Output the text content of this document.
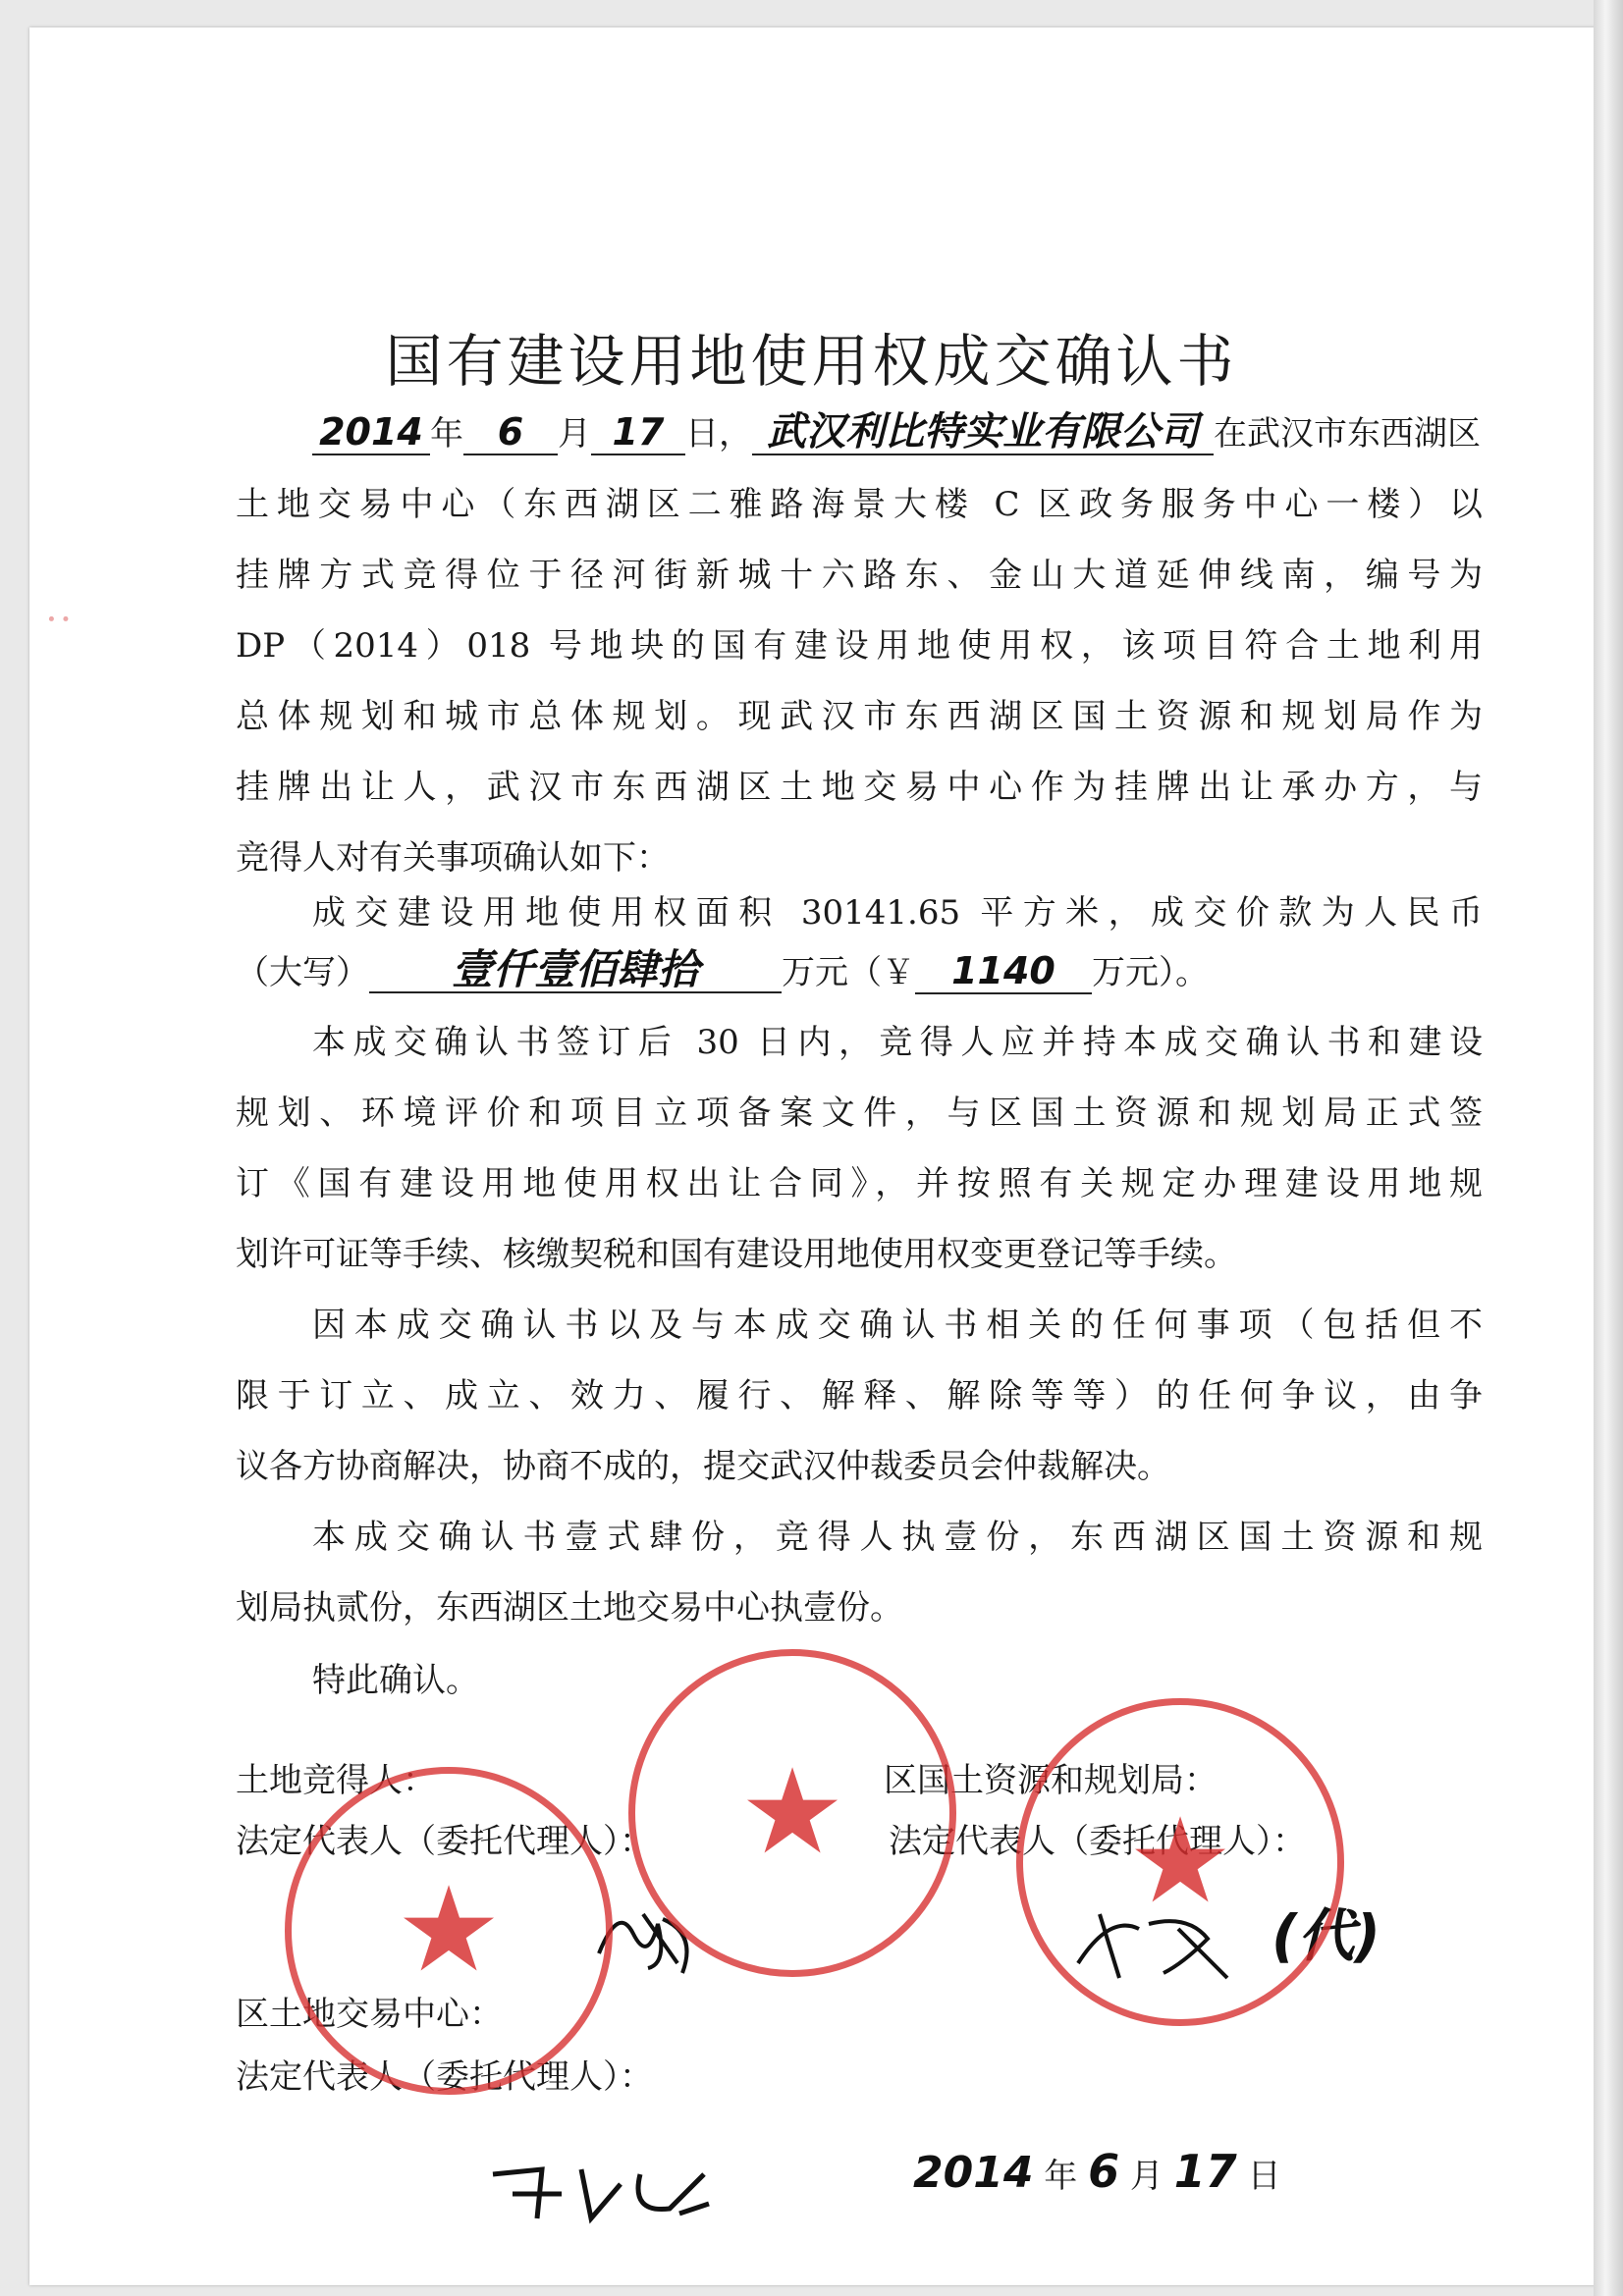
∙ ∙
国有建设用地使用权成交确认书
2014 年 6 月 17 日， 武汉利比特实业有限公司 在武汉市东西湖区
土地交易中心（东西湖区二雅路海景大楼 C 区政务服务中心一楼）以
挂牌方式竞得位于径河街新城十六路东、金山大道延伸线南，编号为
DP（2014）018 号地块的国有建设用地使用权，该项目符合土地利用
总体规划和城市总体规划。现武汉市东西湖区国土资源和规划局作为
挂牌出让人，武汉市东西湖区土地交易中心作为挂牌出让承办方，与
竞得人对有关事项确认如下：
成交建设用地使用权面积 30141.65 平方米，成交价款为人民币
（大写） 壹仟壹佰肆拾 万元（￥ 1140 万元）。
本成交确认书签订后 30 日内，竞得人应并持本成交确认书和建设
规划、环境评价和项目立项备案文件，与区国土资源和规划局正式签
订《国有建设用地使用权出让合同》，并按照有关规定办理建设用地规
划许可证等手续、核缴契税和国有建设用地使用权变更登记等手续。
因本成交确认书以及与本成交确认书相关的任何事项（包括但不
限于订立、成立、效力、履行、解释、解除等等）的任何争议，由争
议各方协商解决，协商不成的，提交武汉仲裁委员会仲裁解决。
本成交确认书壹式肆份，竞得人执壹份，东西湖区国土资源和规
划局执贰份，东西湖区土地交易中心执壹份。
特此确认。
土地竞得人：
法定代表人（委托代理人）：
区国土资源和规划局：
法定代表人（委托代理人）：
区土地交易中心：
法定代表人（委托代理人）：
(代)
2014 年 6 月 17 日
★
★
★
